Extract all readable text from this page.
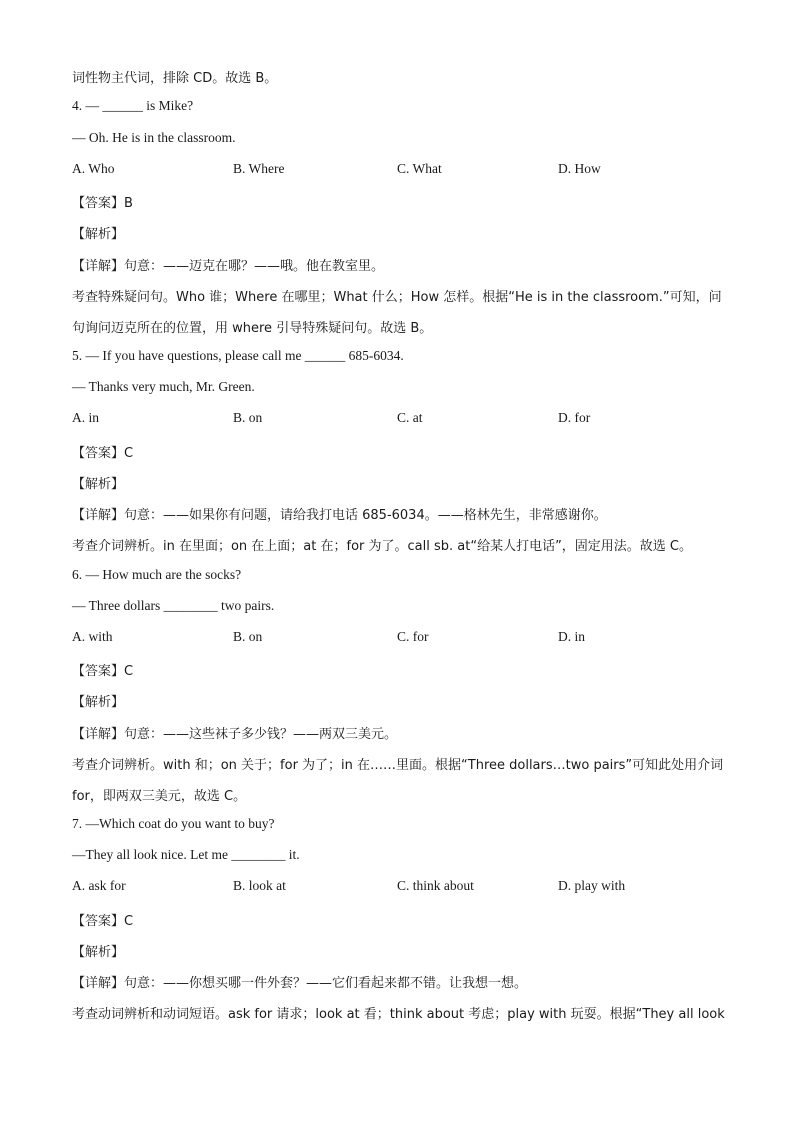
词性物主代词，排除 CD。故选 B。
4. — ______ is Mike?
— Oh. He is in the classroom.
A. Who	B. Where	C. What	D. How
【答案】B
【解析】
【详解】句意：——迈克在哪？——哦。他在教室里。
考查特殊疑问句。Who 谁；Where 在哪里；What 什么；How 怎样。根据“He is in the classroom.”可知，问
句询问迈克所在的位置，用 where 引导特殊疑问句。故选 B。
5. — If you have questions, please call me ______ 685-6034.
— Thanks very much, Mr. Green.
A. in	B. on	C. at	D. for
【答案】C
【解析】
【详解】句意：——如果你有问题，请给我打电话 685-6034。——格林先生，非常感谢你。
考查介词辨析。in 在里面；on 在上面；at 在；for 为了。call sb. at“给某人打电话”，固定用法。故选 C。
6. — How much are the socks?
— Three dollars ________ two pairs.
A. with	B. on	C. for	D. in
【答案】C
【解析】
【详解】句意：——这些袜子多少钱？——两双三美元。
考查介词辨析。with 和；on 关于；for 为了；in 在……里面。根据“Three dollars…two pairs”可知此处用介词
for，即两双三美元，故选 C。
7. —Which coat do you want to buy?
—They all look nice. Let me ________ it.
A. ask for	B. look at	C. think about	D. play with
【答案】C
【解析】
【详解】句意：——你想买哪一件外套？——它们看起来都不错。让我想一想。
考查动词辨析和动词短语。ask for 请求；look at 看；think about 考虑；play with 玩耍。根据“They all look
